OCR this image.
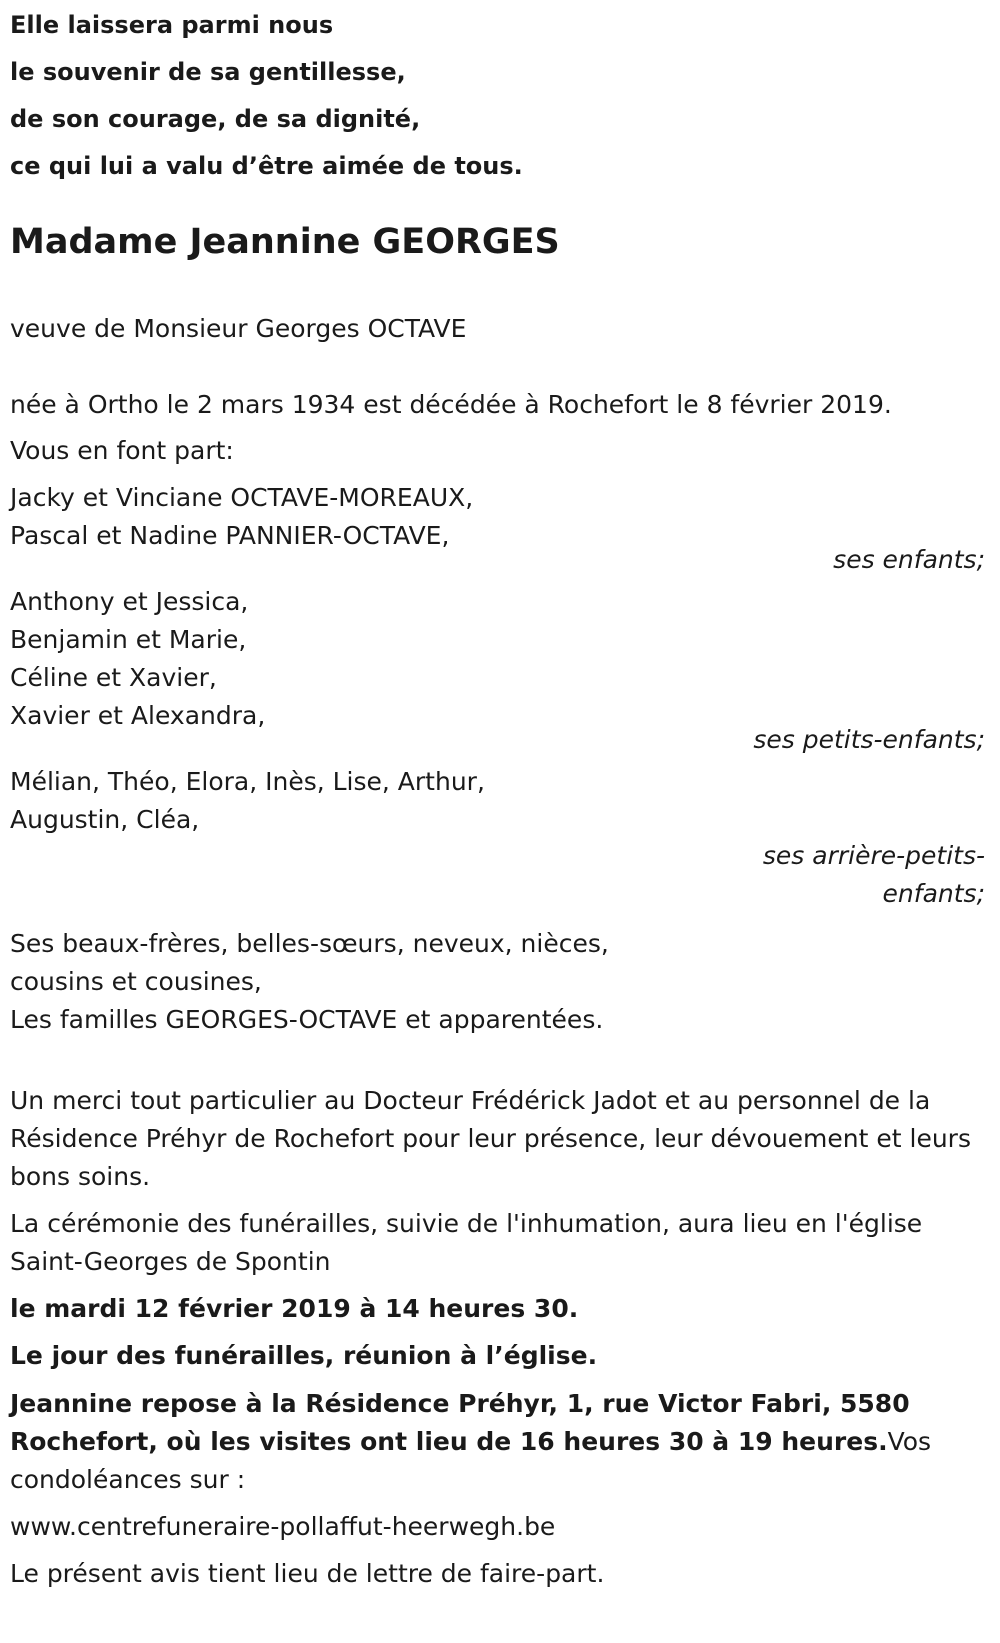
Elle laissera parmi nous

le souvenir de sa gentillesse,

de son courage, de sa dignité,

ce qui lui a valu d’être aimée de tous.

Madame Jeannine GEORGES

veuve de Monsieur Georges OCTAVE

née à Ortho le 2 mars 1934 est décédée à Rochefort le 8 février 2019.

Vous en font part:

Jacky et Vinciane OCTAVE-MOREAUX,
Pascal et Nadine PANNIER-OCTAVE,
ses enfants;
Anthony et Jessica,
Benjamin et Marie,
Céline et Xavier,
Xavier et Alexandra,
ses petits-enfants;
Mélian, Théo, Elora, Inès, Lise, Arthur,
Augustin, Cléa,
ses arrière-petits-
enfants;

Ses beaux-frères, belles-sœurs, neveux, nièces,

cousins et cousines,

Les familles GEORGES-OCTAVE et apparentées.

Un merci tout particulier au Docteur Frédérick Jadot et au personnel de la Résidence Préhyr de Rochefort pour leur présence, leur dévouement et leurs bons soins.

La cérémonie des funérailles, suivie de l'inhumation, aura lieu en l'église Saint-Georges de Spontin

le mardi 12 février 2019 à 14 heures 30.

Le jour des funérailles, réunion à l’église.

Jeannine repose à la Résidence Préhyr, 1, rue Victor Fabri, 5580 Rochefort, où les visites ont lieu de 16 heures 30 à 19 heures.Vos condoléances sur :

www.centrefuneraire-pollaffut-heerwegh.be

Le présent avis tient lieu de lettre de faire-part.
